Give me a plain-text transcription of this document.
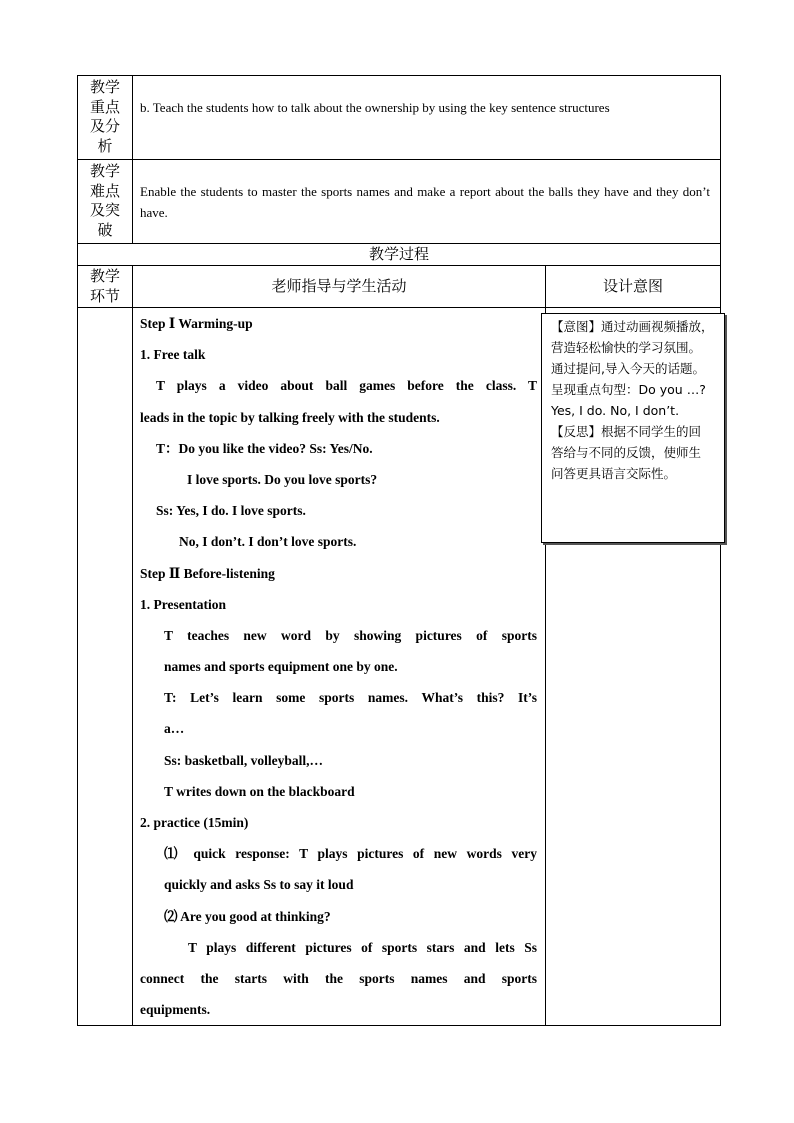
教学
重点
及分
析
b. Teach the students how to talk about the ownership by using the key sentence structures
教学
难点
及突
破
Enable the students to master the sports names and make a report about the balls they have and they don’t have.
教学过程
教学
环节
老师指导与学生活动	设计意图

Step Ⅰ Warming-up

1. Free talk

T plays a video about ball games before the class. T

leads in the topic by talking freely with the students.

T：Do you like the video? Ss: Yes/No.

I love sports. Do you love sports?

Ss: Yes, I do. I love sports.

No, I don’t. I don’t love sports.

Step Ⅱ Before-listening

1. Presentation

T teaches new word by showing pictures of sports

names and sports equipment one by one.

T: Let’s learn some sports names. What’s this? It’s

a…

Ss: basketball, volleyball,…

T writes down on the blackboard

2. practice (15min)

⑴ quick response: T plays pictures of new words very

quickly and asks Ss to say it loud

⑵ Are you good at thinking?

T plays different pictures of sports stars and lets Ss

connect the starts with the sports names and sports

equipments.

【意图】通过动画视频播放，
营造轻松愉快的学习氛围。
通过提问,导入今天的话题。
呈现重点句型：Do you …?
Yes, I do. No, I don’t.
【反思】根据不同学生的回
答给与不同的反馈，使师生
问答更具语言交际性。
